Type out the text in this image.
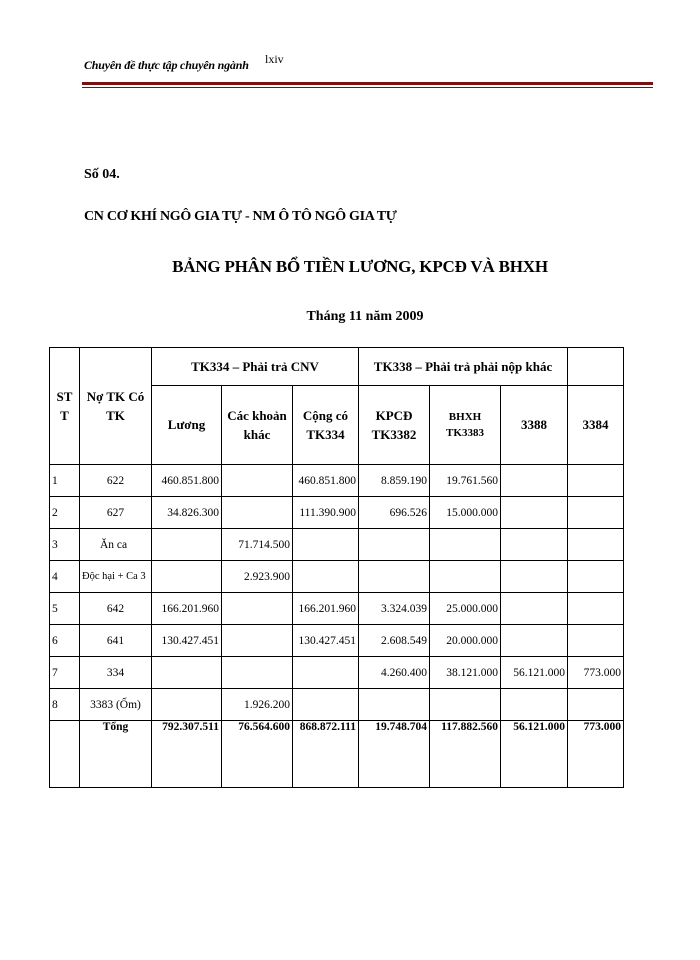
Chuyên đề thực tập chuyên ngành lxiv
Số 04.
CN CƠ KHÍ NGÔ GIA TỰ - NM Ô TÔ NGÔ GIA TỰ
BẢNG PHÂN BỔ TIỀN LƯƠNG, KPCĐ VÀ BHXH
Tháng 11 năm 2009
ST T	Nợ TK Có TK	TK334 – Phải trả CNV			TK338 – Phải trả phải nộp khác			
		Lương	Các khoản khác	Cộng có TK334	KPCĐ TK3382	BHXH TK3383	3388	3384
1	622	460.851.800		460.851.800	8.859.190	19.761.560		
2	627	34.826.300		111.390.900	696.526	15.000.000		
3	Ăn ca		71.714.500					
4	Độc hại + Ca 3		2.923.900					
5	642	166.201.960		166.201.960	3.324.039	25.000.000		
6	641	130.427.451		130.427.451	2.608.549	20.000.000		
7	334				4.260.400	38.121.000	56.121.000	773.000
8	3383 (Ốm)		1.926.200					
	Tổng	792.307.511	76.564.600	868.872.111	19.748.704	117.882.560	56.121.000	773.000
